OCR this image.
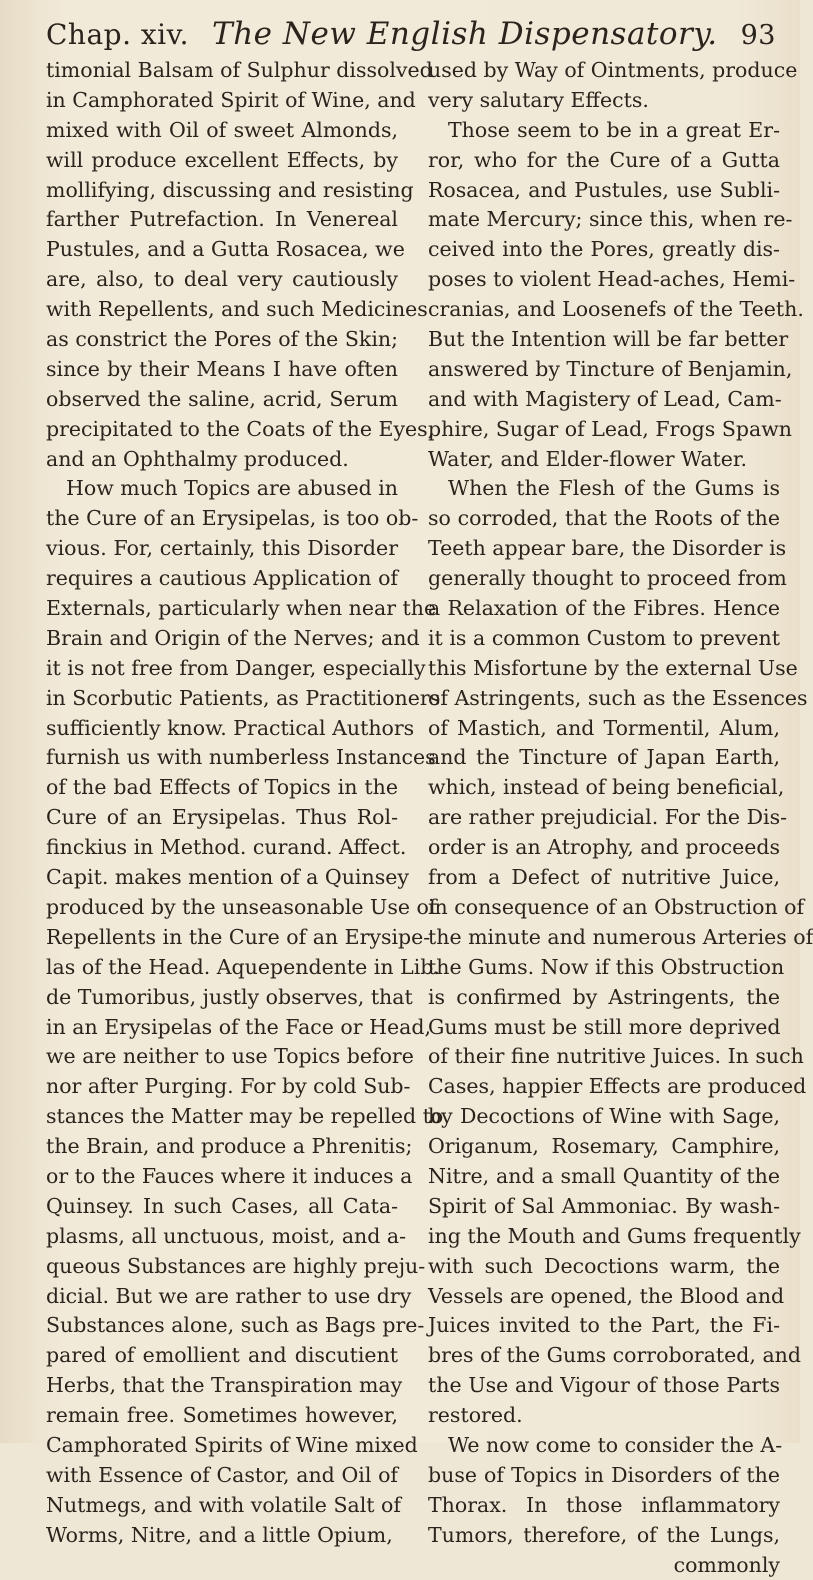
Chap. xiv. The New English Dispensatory. 93
timonial Balsam of Sulphur dissolved
in Camphorated Spirit of Wine, and
mixed with Oil of sweet Almonds,
will produce excellent Effects, by
mollifying, discussing and resisting
farther Putrefaction. In Venereal
Pustules, and a Gutta Rosacea, we
are, also, to deal very cautiously
with Repellents, and such Medicines
as constrict the Pores of the Skin;
since by their Means I have often
observed the saline, acrid, Serum
precipitated to the Coats of the Eyes,
and an Ophthalmy produced.
How much Topics are abused in
the Cure of an Erysipelas, is too ob-
vious. For, certainly, this Disorder
requires a cautious Application of
Externals, particularly when near the
Brain and Origin of the Nerves; and
it is not free from Danger, especially
in Scorbutic Patients, as Practitioners
sufficiently know. Practical Authors
furnish us with numberless Instances
of the bad Effects of Topics in the
Cure of an Erysipelas. Thus Rol-
finckius in Method. curand. Affect.
Capit. makes mention of a Quinsey
produced by the unseasonable Use of
Repellents in the Cure of an Erysipe-
las of the Head. Aquependente in Lib.
de Tumoribus, justly observes, that
in an Erysipelas of the Face or Head,
we are neither to use Topics before
nor after Purging. For by cold Sub-
stances the Matter may be repelled to
the Brain, and produce a Phrenitis;
or to the Fauces where it induces a
Quinsey. In such Cases, all Cata-
plasms, all unctuous, moist, and a-
queous Substances are highly preju-
dicial. But we are rather to use dry
Substances alone, such as Bags pre-
pared of emollient and discutient
Herbs, that the Transpiration may
remain free. Sometimes however,
Camphorated Spirits of Wine mixed
with Essence of Castor, and Oil of
Nutmegs, and with volatile Salt of
Worms, Nitre, and a little Opium,
used by Way of Ointments, produce
very salutary Effects.
Those seem to be in a great Er-
ror, who for the Cure of a Gutta
Rosacea, and Pustules, use Subli-
mate Mercury; since this, when re-
ceived into the Pores, greatly dis-
poses to violent Head-aches, Hemi-
cranias, and Loosenefs of the Teeth.
But the Intention will be far better
answered by Tincture of Benjamin,
and with Magistery of Lead, Cam-
phire, Sugar of Lead, Frogs Spawn
Water, and Elder-flower Water.
When the Flesh of the Gums is
so corroded, that the Roots of the
Teeth appear bare, the Disorder is
generally thought to proceed from
a Relaxation of the Fibres. Hence
it is a common Custom to prevent
this Misfortune by the external Use
of Astringents, such as the Essences
of Mastich, and Tormentil, Alum,
and the Tincture of Japan Earth,
which, instead of being beneficial,
are rather prejudicial. For the Dis-
order is an Atrophy, and proceeds
from a Defect of nutritive Juice,
in consequence of an Obstruction of
the minute and numerous Arteries of
the Gums. Now if this Obstruction
is confirmed by Astringents, the
Gums must be still more deprived
of their fine nutritive Juices. In such
Cases, happier Effects are produced
by Decoctions of Wine with Sage,
Origanum, Rosemary, Camphire,
Nitre, and a small Quantity of the
Spirit of Sal Ammoniac. By wash-
ing the Mouth and Gums frequently
with such Decoctions warm, the
Vessels are opened, the Blood and
Juices invited to the Part, the Fi-
bres of the Gums corroborated, and
the Use and Vigour of those Parts
restored.
We now come to consider the A-
buse of Topics in Disorders of the
Thorax. In those inflammatory
Tumors, therefore, of the Lungs,
commonly
